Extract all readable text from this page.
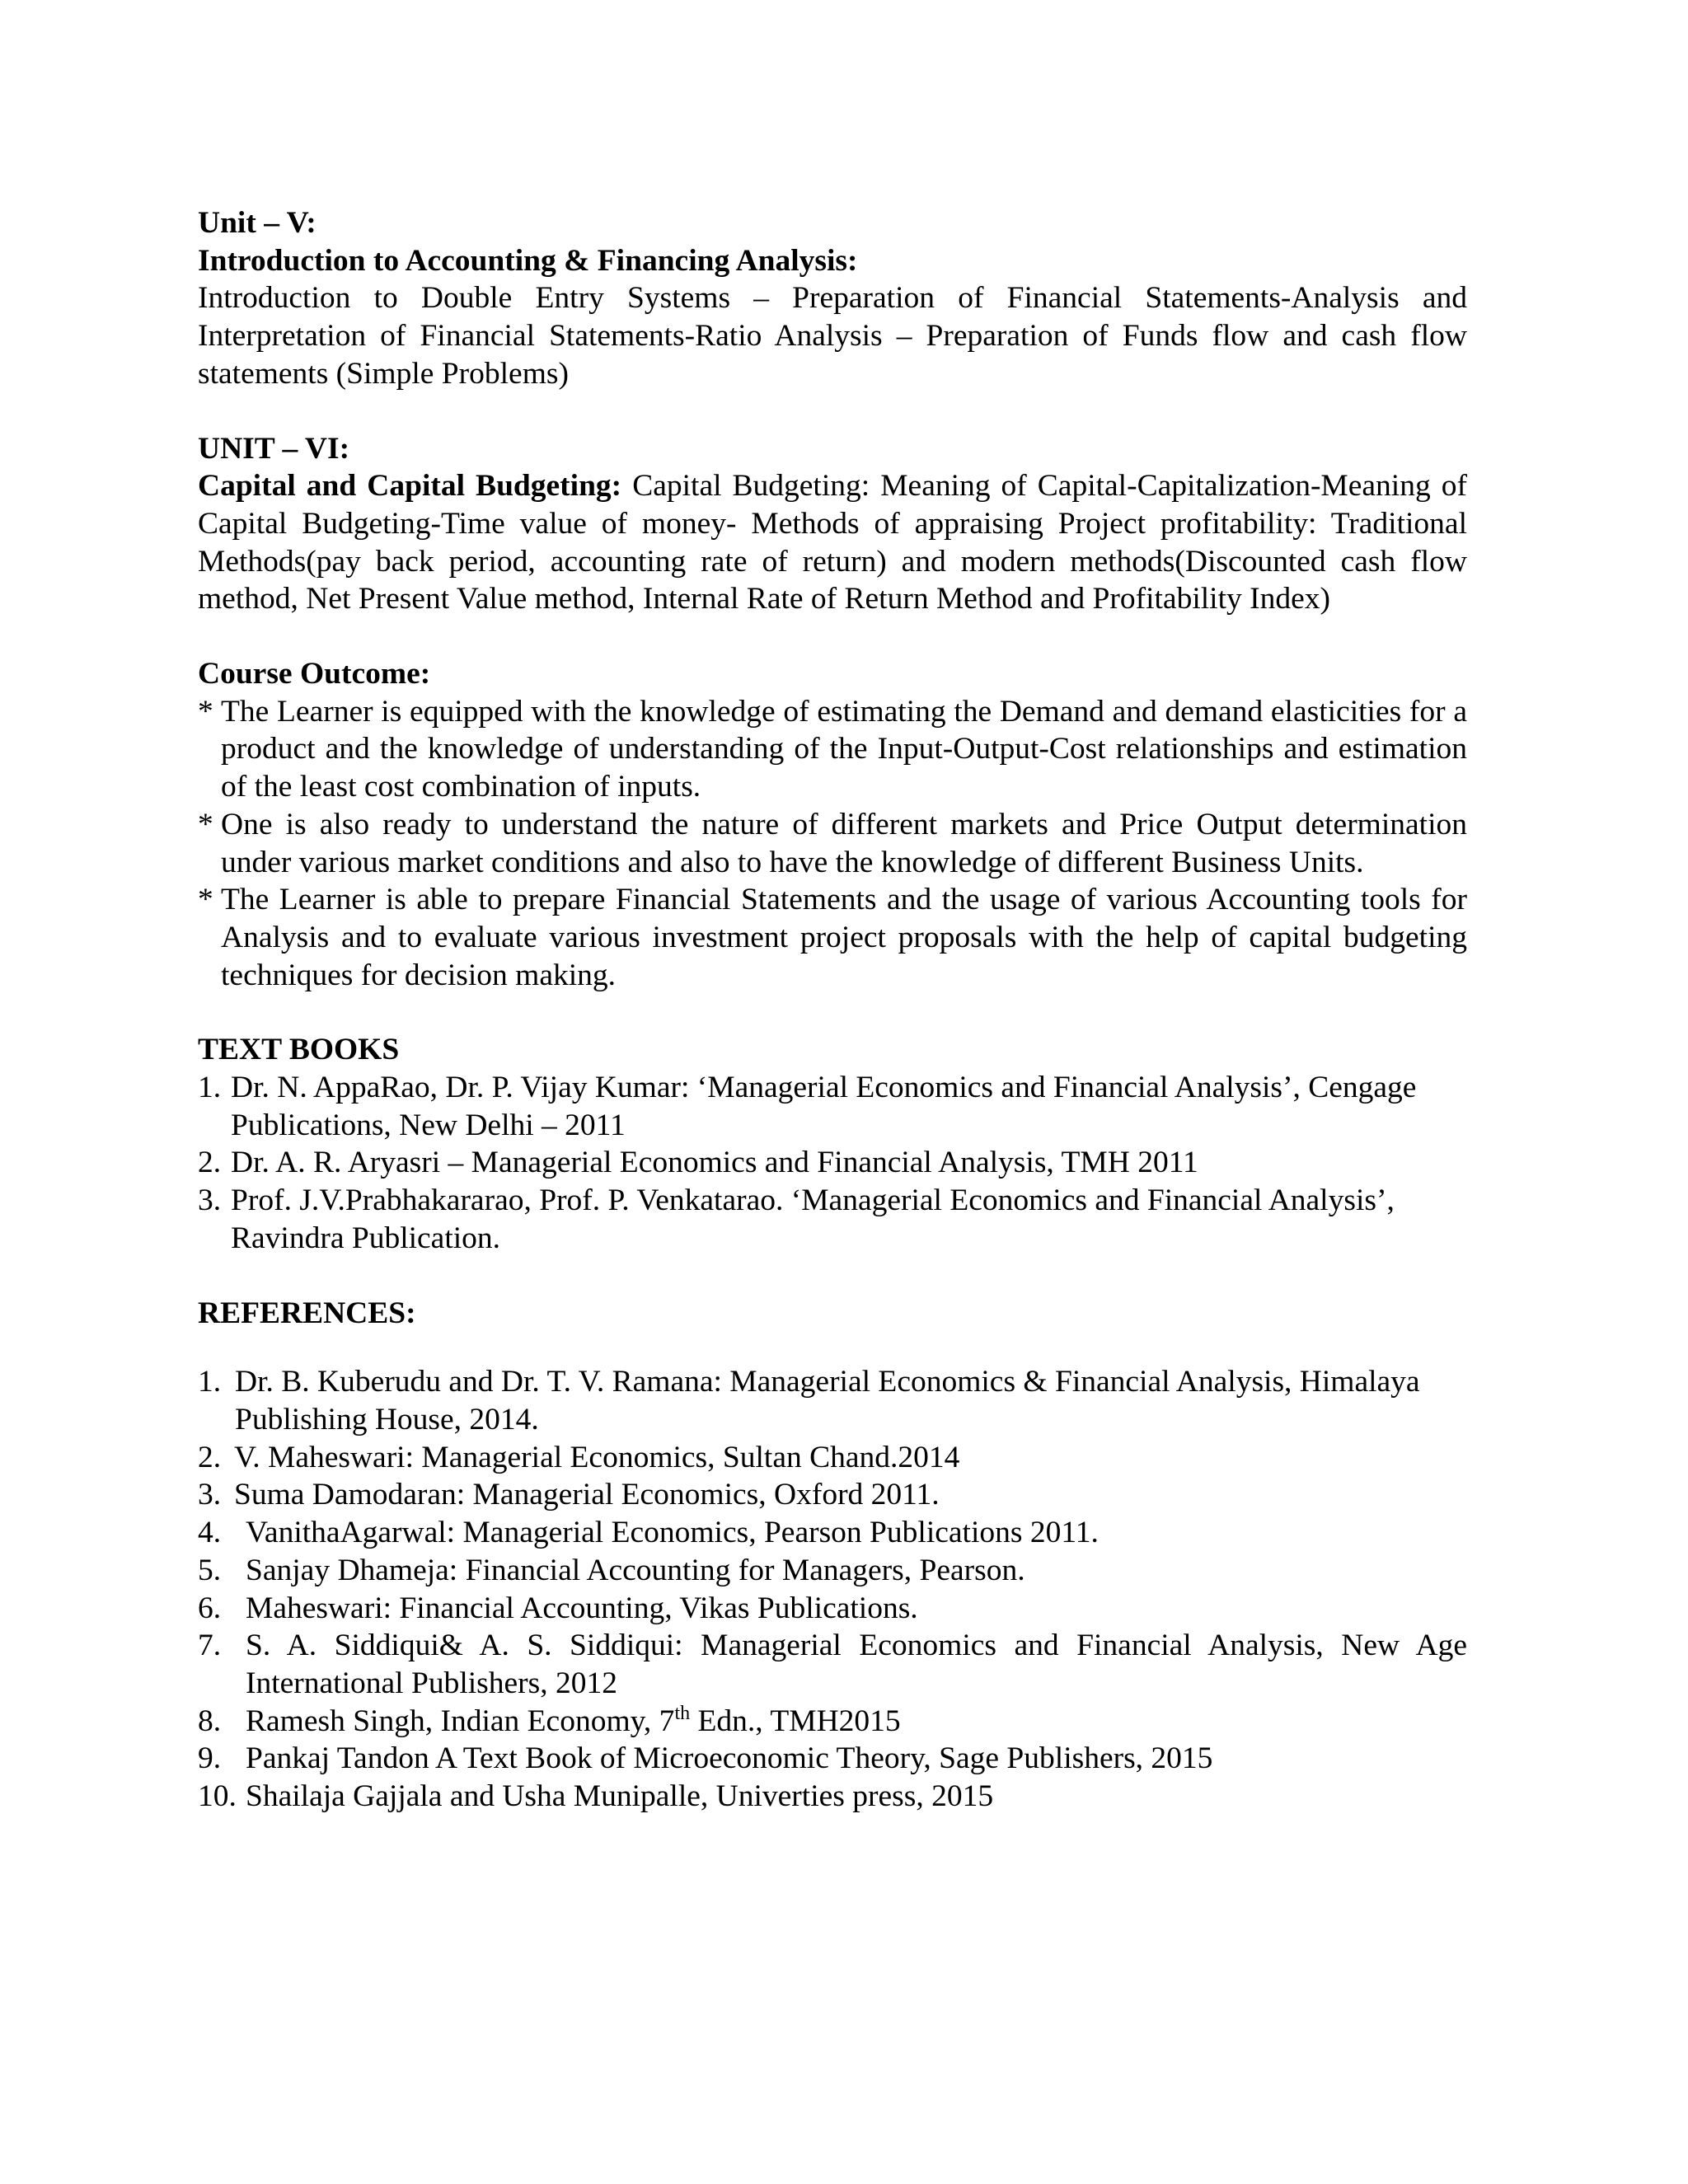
Unit – V:

Introduction to Accounting & Financing Analysis:

Introduction to Double Entry Systems – Preparation of Financial Statements-Analysis and Interpretation of Financial Statements-Ratio Analysis – Preparation of Funds flow and cash flow statements (Simple Problems)

UNIT – VI:

Capital and Capital Budgeting: Capital Budgeting: Meaning of Capital-Capitalization-Meaning of Capital Budgeting-Time value of money- Methods of appraising Project profitability: Traditional Methods(pay back period, accounting rate of return) and modern methods(Discounted cash flow method, Net Present Value method, Internal Rate of Return Method and Profitability Index)

Course Outcome:

* The Learner is equipped with the knowledge of estimating the Demand and demand elasticities for a product and the knowledge of understanding of the Input-Output-Cost relationships and estimation of the least cost combination of inputs.
* One is also ready to understand the nature of different markets and Price Output determination under various market conditions and also to have the knowledge of different Business Units.
* The Learner is able to prepare Financial Statements and the usage of various Accounting tools for Analysis and to evaluate various investment project proposals with the help of capital budgeting techniques for decision making.

TEXT BOOKS

1. Dr. N. AppaRao, Dr. P. Vijay Kumar: ‘Managerial Economics and Financial Analysis’, Cengage Publications, New Delhi – 2011
2. Dr. A. R. Aryasri – Managerial Economics and Financial Analysis, TMH 2011
3. Prof. J.V.Prabhakararao, Prof. P. Venkatarao. ‘Managerial Economics and Financial Analysis’, Ravindra Publication.

REFERENCES:

1. Dr. B. Kuberudu and Dr. T. V. Ramana: Managerial Economics & Financial Analysis, Himalaya Publishing House, 2014.
2. V. Maheswari: Managerial Economics, Sultan Chand.2014
3. Suma Damodaran: Managerial Economics, Oxford 2011.
4. VanithaAgarwal: Managerial Economics, Pearson Publications 2011.
5. Sanjay Dhameja: Financial Accounting for Managers, Pearson.
6. Maheswari: Financial Accounting, Vikas Publications.
7. S. A. Siddiqui& A. S. Siddiqui: Managerial Economics and Financial Analysis, New Age International Publishers, 2012
8. Ramesh Singh, Indian Economy, 7th Edn., TMH2015
9. Pankaj Tandon A Text Book of Microeconomic Theory, Sage Publishers, 2015
10. Shailaja Gajjala and Usha Munipalle, Univerties press, 2015
